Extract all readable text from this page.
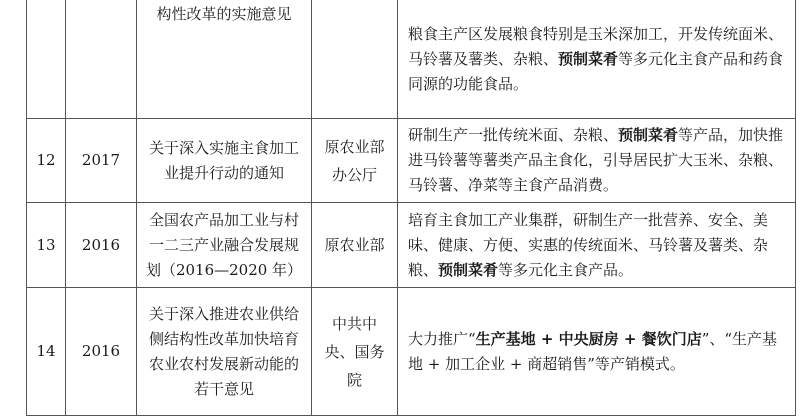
		构性改革的实施意见		粮食主产区发展粮食特别是玉米深加工，开发传统面米、马铃薯及薯类、杂粮、预制菜肴等多元化主食产品和药食同源的功能食品。

12	2017	关于深入实施主食加工业提升行动的通知	原农业部办公厅	研制生产一批传统米面、杂粮、预制菜肴等产品，加快推进马铃薯等薯类产品主食化，引导居民扩大玉米、杂粮、马铃薯、净菜等主食产品消费。

13	2016	全国农产品加工业与村一二三产业融合发展规划（2016—2020 年）	原农业部	培育主食加工产业集群，研制生产一批营养、安全、美味、健康、方便、实惠的传统面米、马铃薯及薯类、杂粮、预制菜肴等多元化主食产品。

14	2016	关于深入推进农业供给侧结构性改革加快培育农业农村发展新动能的若干意见	中共中央、国务院	大力推广“生产基地 + 中央厨房 + 餐饮门店”、“生产基地 + 加工企业 + 商超销售”等产销模式。
